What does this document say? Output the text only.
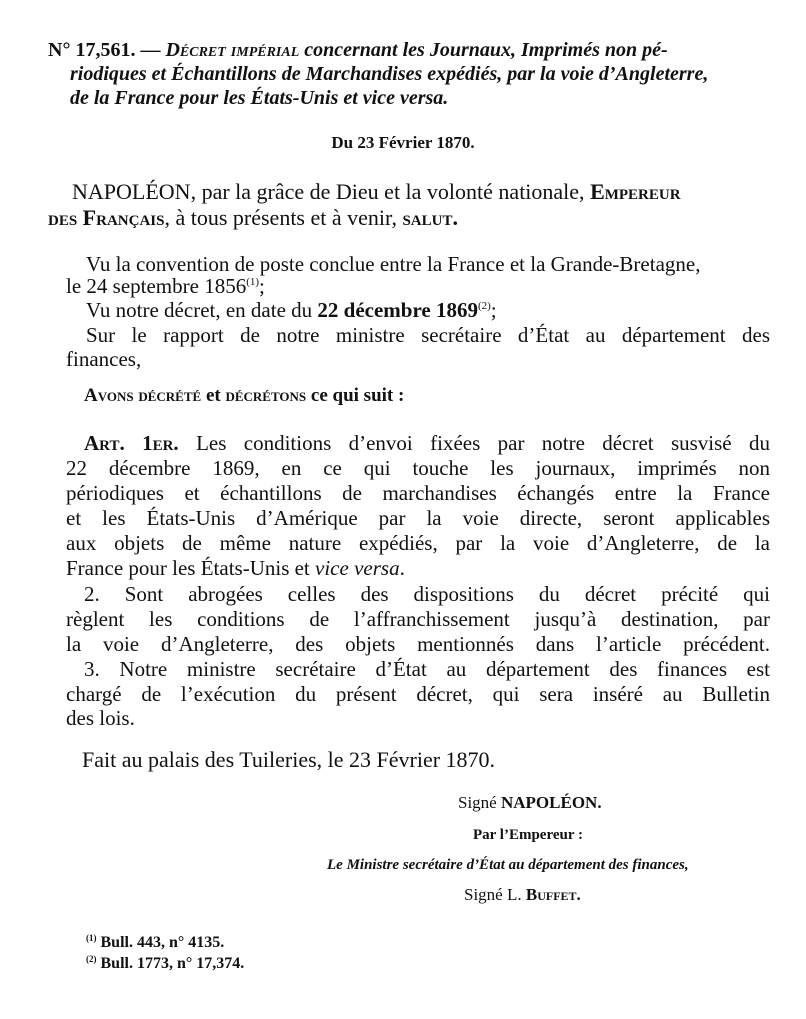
N° 17,561. — Décret impérial concernant les Journaux, Imprimés non pé-
riodiques et Échantillons de Marchandises expédiés, par la voie d’Angleterre,
de la France pour les États-Unis et vice versa.
Du 23 Février 1870.
NAPOLÉON, par la grâce de Dieu et la volonté nationale, Empereur
des Français, à tous présents et à venir, salut.
Vu la convention de poste conclue entre la France et la Grande-Bretagne,
le 24 septembre 1856$^{(1)}$;
Vu notre décret, en date du 22 décembre 1869$^{(2)}$;
Sur le rapport de notre ministre secrétaire d’État au département des
finances,
Avons décrété et décrétons ce qui suit :
Art. 1er. Les conditions d’envoi fixées par notre décret susvisé du
22 décembre 1869, en ce qui touche les journaux, imprimés non
périodiques et échantillons de marchandises échangés entre la France
et les États-Unis d’Amérique par la voie directe, seront applicables
aux objets de même nature expédiés, par la voie d’Angleterre, de la
France pour les États-Unis et vice versa.
2. Sont abrogées celles des dispositions du décret précité qui
règlent les conditions de l’affranchissement jusqu’à destination, par
la voie d’Angleterre, des objets mentionnés dans l’article précédent.
3. Notre ministre secrétaire d’État au département des finances est
chargé de l’exécution du présent décret, qui sera inséré au Bulletin
des lois.
Fait au palais des Tuileries, le 23 Février 1870.
Signé NAPOLÉON.
Par l’Empereur :
Le Ministre secrétaire d’État au département des finances,
Signé L. Buffet.
$^{(1)}$ Bull. 443, n° 4135.
$^{(2)}$ Bull. 1773, n° 17,374.
